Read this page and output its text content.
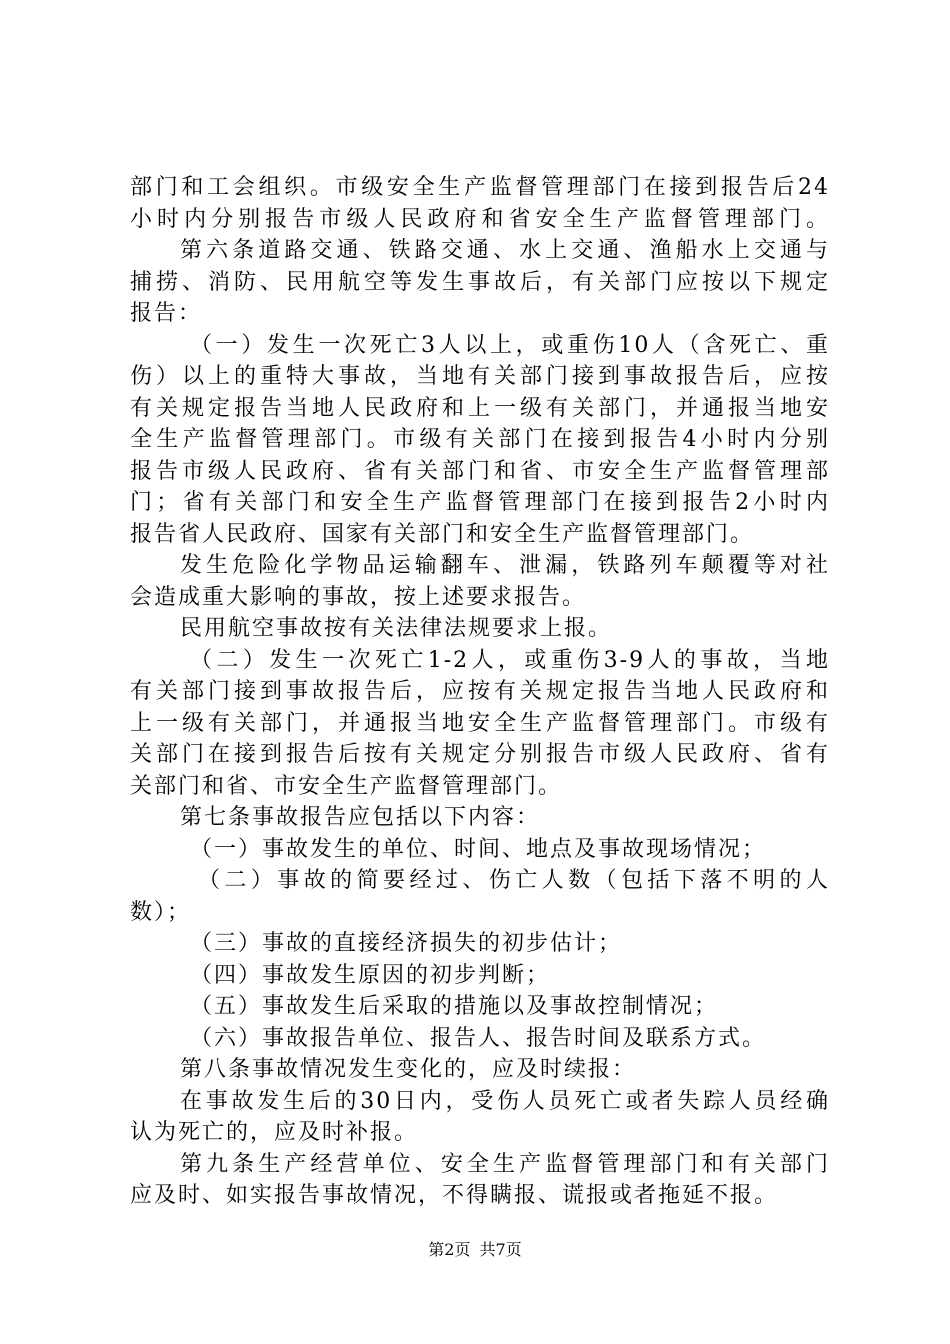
部门和工会组织。市级安全生产监督管理部门在接到报告后24
小时内分别报告市级人民政府和省安全生产监督管理部门。
第六条道路交通、铁路交通、水上交通、渔船水上交通与
捕捞、消防、民用航空等发生事故后，有关部门应按以下规定
报告：
（一）发生一次死亡3人以上，或重伤10人（含死亡、重
伤）以上的重特大事故，当地有关部门接到事故报告后，应按
有关规定报告当地人民政府和上一级有关部门，并通报当地安
全生产监督管理部门。市级有关部门在接到报告4小时内分别
报告市级人民政府、省有关部门和省、市安全生产监督管理部
门；省有关部门和安全生产监督管理部门在接到报告2小时内
报告省人民政府、国家有关部门和安全生产监督管理部门。
发生危险化学物品运输翻车、泄漏，铁路列车颠覆等对社
会造成重大影响的事故，按上述要求报告。
民用航空事故按有关法律法规要求上报。
（二）发生一次死亡1-2人，或重伤3-9人的事故，当地
有关部门接到事故报告后，应按有关规定报告当地人民政府和
上一级有关部门，并通报当地安全生产监督管理部门。市级有
关部门在接到报告后按有关规定分别报告市级人民政府、省有
关部门和省、市安全生产监督管理部门。
第七条事故报告应包括以下内容：
（一）事故发生的单位、时间、地点及事故现场情况；
（二）事故的简要经过、伤亡人数（包括下落不明的人
数）；
（三）事故的直接经济损失的初步估计；
（四）事故发生原因的初步判断；
（五）事故发生后采取的措施以及事故控制情况；
（六）事故报告单位、报告人、报告时间及联系方式。
第八条事故情况发生变化的，应及时续报：
在事故发生后的30日内，受伤人员死亡或者失踪人员经确
认为死亡的，应及时补报。
第九条生产经营单位、安全生产监督管理部门和有关部门
应及时、如实报告事故情况，不得瞒报、谎报或者拖延不报。
第2页 共7页
